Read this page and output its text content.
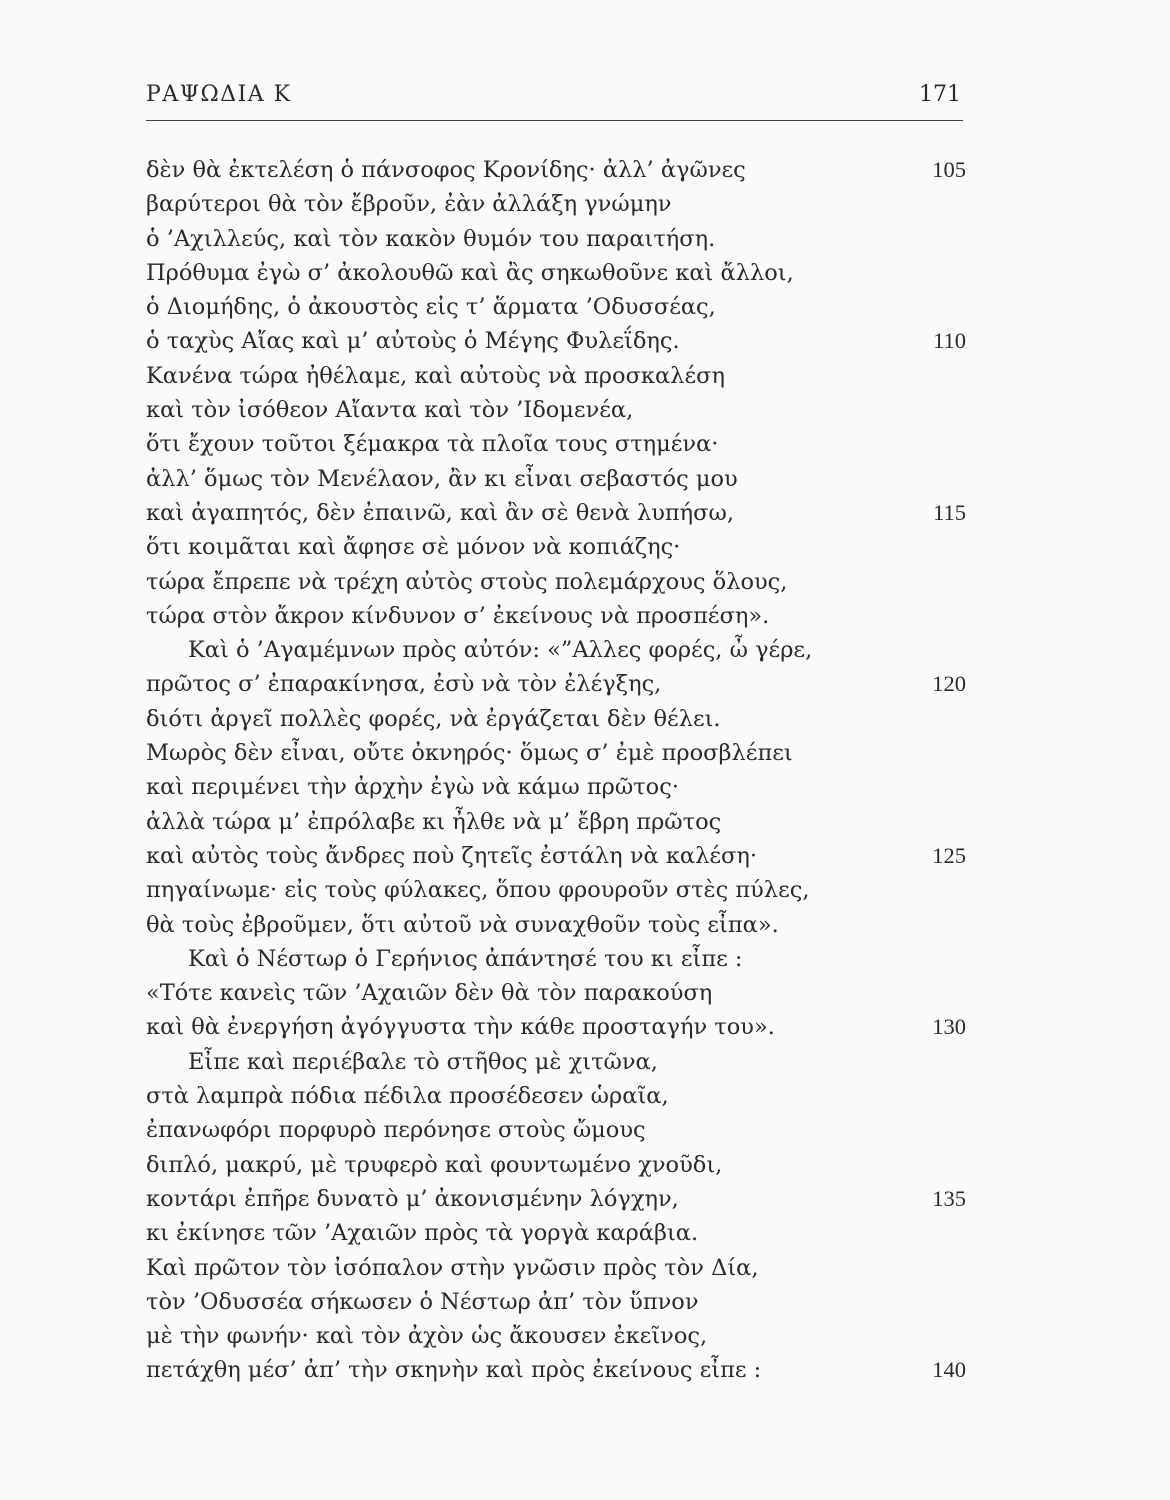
ΡΑΨΩΔΙΑ Κ	171
δὲν θὰ ἐκτελέση ὁ πάνσοφος Κρονίδης· ἀλλ’ ἀγῶνες	105
βαρύτεροι θὰ τὸν ἔβροῦν, ἐὰν ἀλλάξη γνώμην
ὁ ’Αχιλλεύς, καὶ τὸν κακὸν θυμόν του παραιτήση.
Πρόθυμα ἐγὼ σ’ ἀκολουθῶ καὶ ἂς σηκωθοῦνε καὶ ἄλλοι,
ὁ Διομήδης, ὁ ἀκουστὸς εἰς τ’ ἅρματα ’Οδυσσέας,
ὁ ταχὺς Αἴας καὶ μ’ αὐτοὺς ὁ Μέγης Φυλεΐδης.	110
Κανένα τώρα ἠθέλαμε, καὶ αὐτοὺς νὰ προσκαλέση
καὶ τὸν ἰσόθεον Αἴαντα καὶ τὸν ’Ιδομενέα,
ὅτι ἔχουν τοῦτοι ξέμακρα τὰ πλοῖα τους στημένα·
ἀλλ’ ὅμως τὸν Μενέλαον, ἂν κι εἶναι σεβαστός μου
καὶ ἀγαπητός, δὲν ἐπαινῶ, καὶ ἂν σὲ θενὰ λυπήσω,	115
ὅτι κοιμᾶται καὶ ἄφησε σὲ μόνον νὰ κοπιάζης·
τώρα ἔπρεπε νὰ τρέχη αὐτὸς στοὺς πολεμάρχους ὅλους,
τώρα στὸν ἄκρον κίνδυνον σ’ ἐκείνους νὰ προσπέση».
Καὶ ὁ ’Αγαμέμνων πρὸς αὐτόν: «”Αλλες φορές, ὦ γέρε,
πρῶτος σ’ ἐπαρακίνησα, ἐσὺ νὰ τὸν ἐλέγξης,	120
διότι ἀργεῖ πολλὲς φορές, νὰ ἐργάζεται δὲν θέλει.
Μωρὸς δὲν εἶναι, οὔτε ὀκνηρός· ὅμως σ’ ἐμὲ προσβλέπει
καὶ περιμένει τὴν ἀρχὴν ἐγὼ νὰ κάμω πρῶτος·
ἀλλὰ τώρα μ’ ἐπρόλαβε κι ἦλθε νὰ μ’ ἔβρη πρῶτος
καὶ αὐτὸς τοὺς ἄνδρες ποὺ ζητεῖς ἐστάλη νὰ καλέση·	125
πηγαίνωμε· εἰς τοὺς φύλακες, ὅπου φρουροῦν στὲς πύλες,
θὰ τοὺς ἐβροῦμεν, ὅτι αὐτοῦ νὰ συναχθοῦν τοὺς εἶπα».
Καὶ ὁ Νέστωρ ὁ Γερήνιος ἀπάντησέ του κι εἶπε :
«Τότε κανεὶς τῶν ’Αχαιῶν δὲν θὰ τὸν παρακούση
καὶ θὰ ἐνεργήση ἀγόγγυστα τὴν κάθε προσταγήν του».	130
Εἶπε καὶ περιέβαλε τὸ στῆθος μὲ χιτῶνα,
στὰ λαμπρὰ πόδια πέδιλα προσέδεσεν ὡραῖα,
ἐπανωφόρι πορφυρὸ περόνησε στοὺς ὤμους
διπλό, μακρύ, μὲ τρυφερὸ καὶ φουντωμένο χνοῦδι,
κοντάρι ἐπῆρε δυνατὸ μ’ ἀκονισμένην λόγχην,	135
κι ἐκίνησε τῶν ’Αχαιῶν πρὸς τὰ γοργὰ καράβια.
Καὶ πρῶτον τὸν ἰσόπαλον στὴν γνῶσιν πρὸς τὸν Δία,
τὸν ’Οδυσσέα σήκωσεν ὁ Νέστωρ ἀπ’ τὸν ὕπνον
μὲ τὴν φωνήν· καὶ τὸν ἀχὸν ὡς ἄκουσεν ἐκεῖνος,
πετάχθη μέσ’ ἀπ’ τὴν σκηνὴν καὶ πρὸς ἐκείνους εἶπε :	140
